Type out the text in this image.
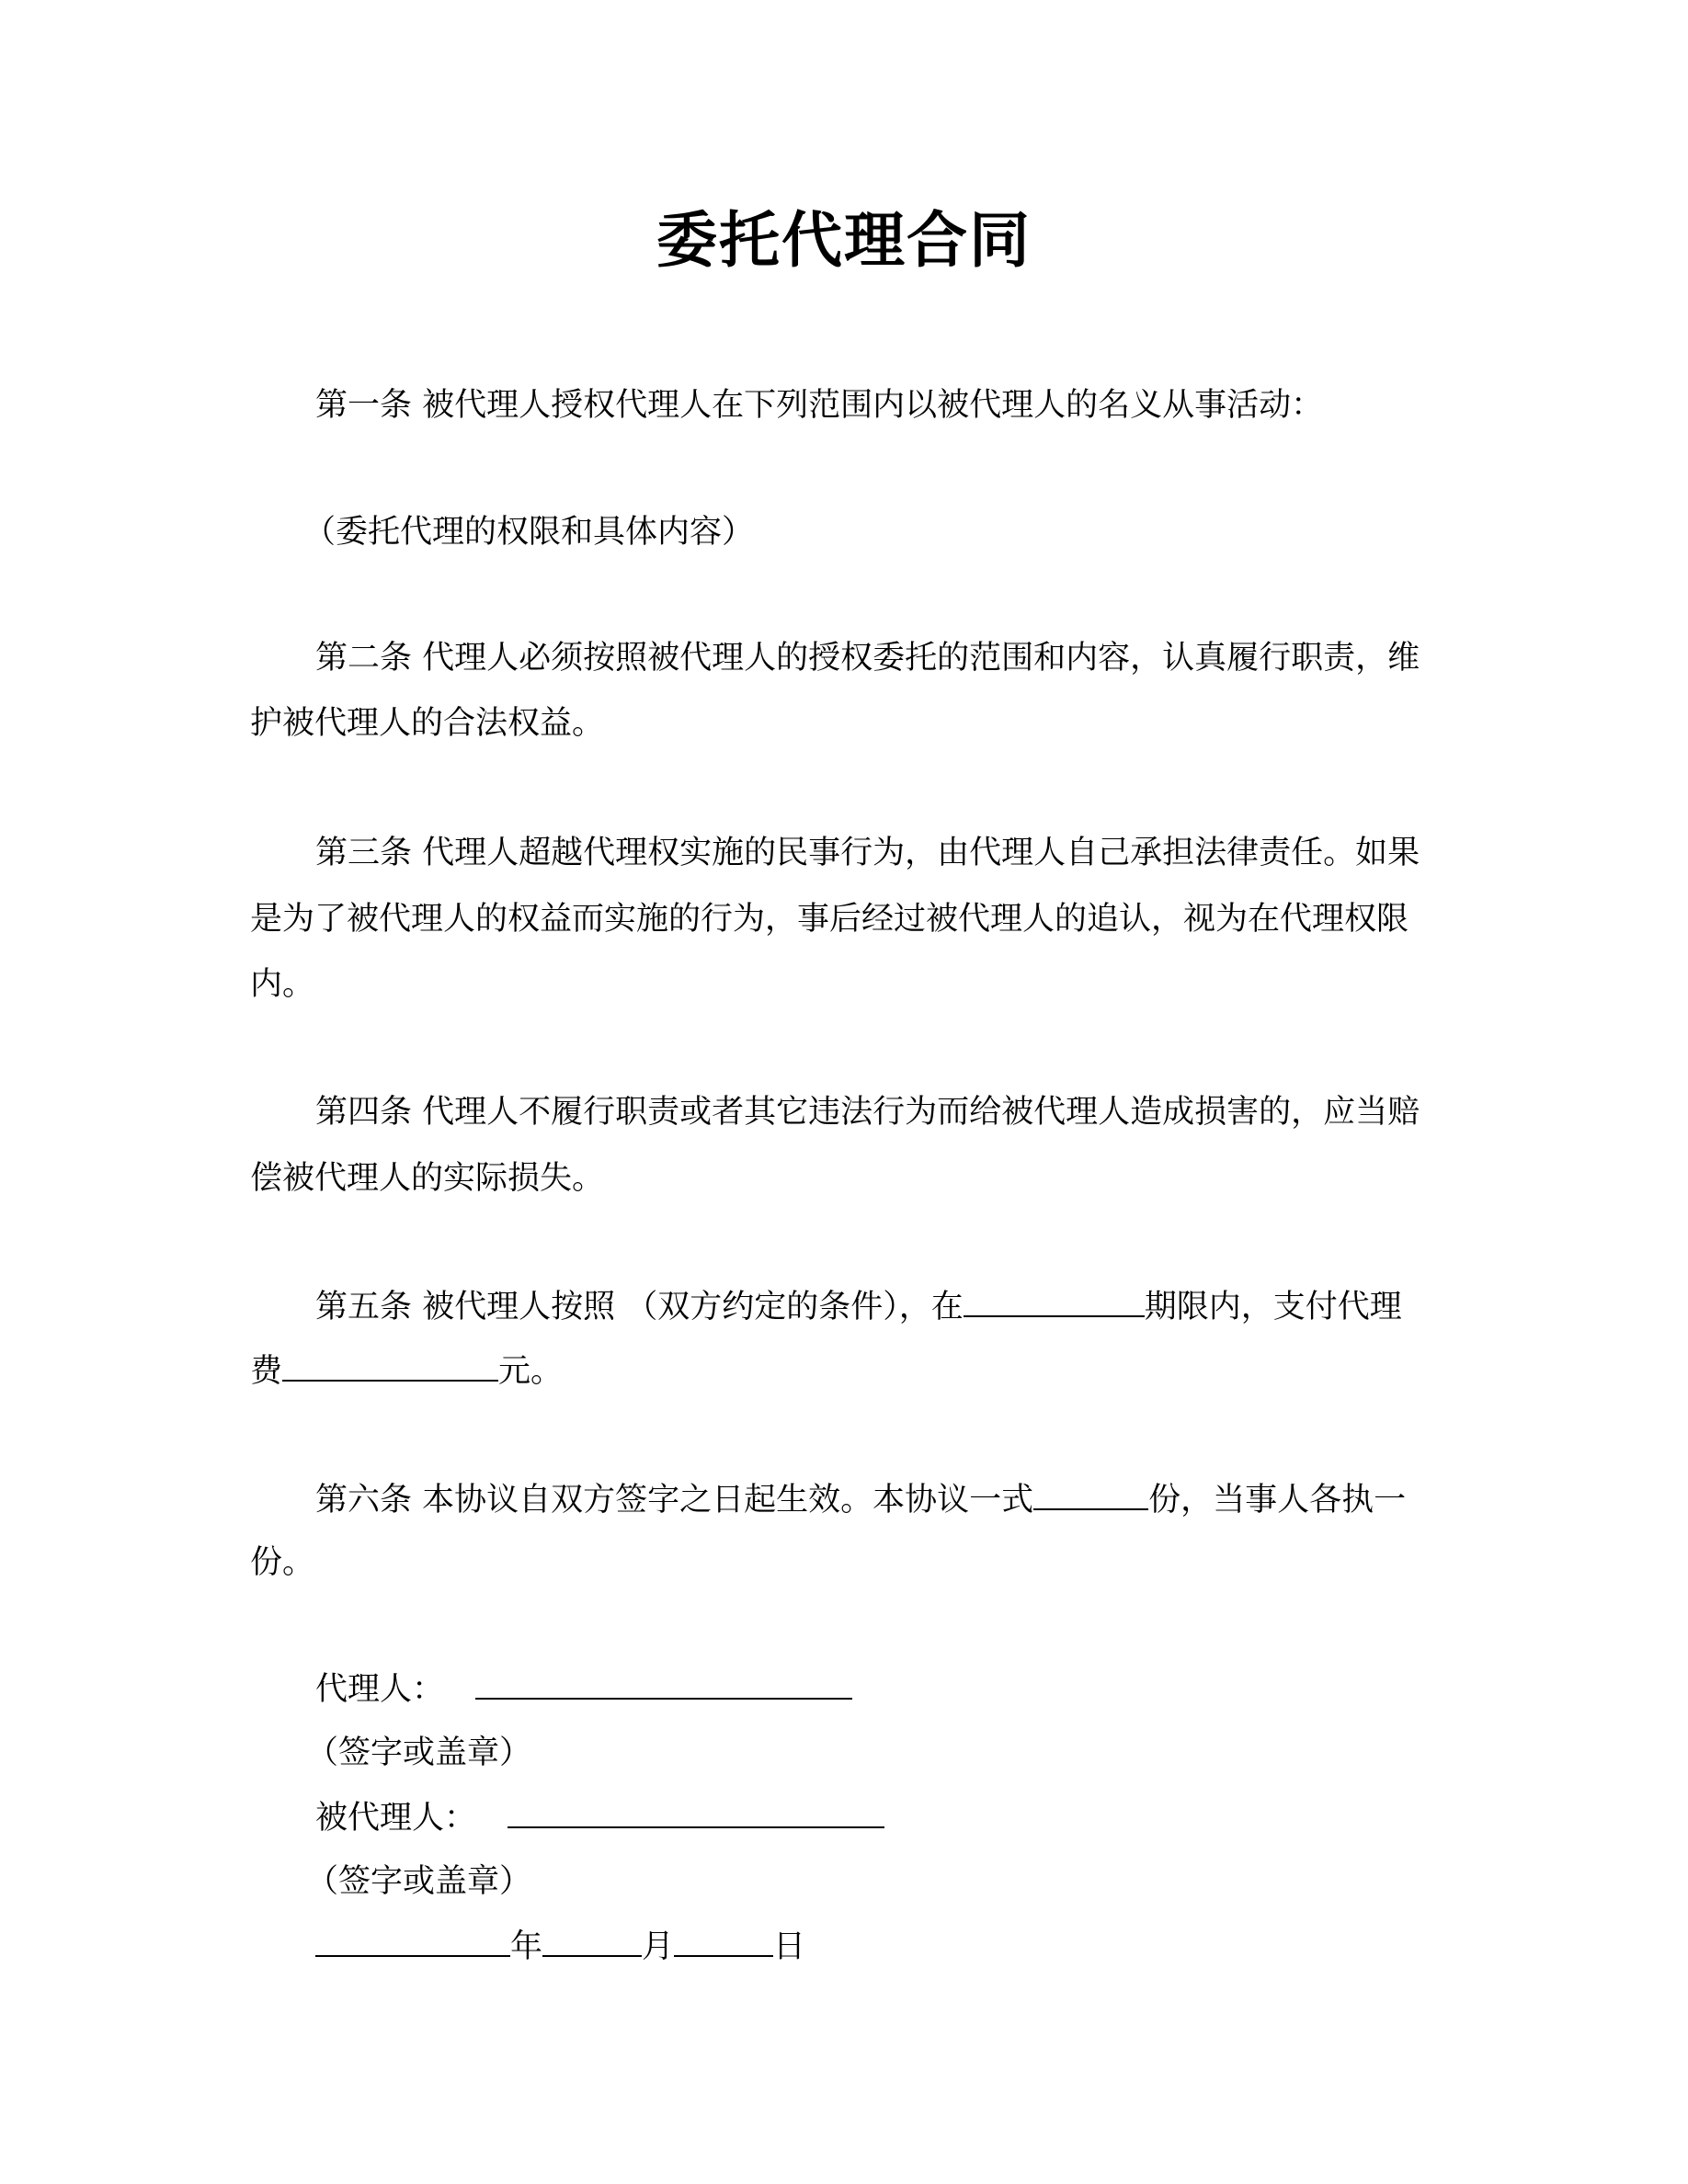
委托代理合同
第一条 被代理人授权代理人在下列范围内以被代理人的名义从事活动：
（委托代理的权限和具体内容）
第二条 代理人必须按照被代理人的授权委托的范围和内容，认真履行职责，维
护被代理人的合法权益。
第三条 代理人超越代理权实施的民事行为，由代理人自己承担法律责任。如果
是为了被代理人的权益而实施的行为，事后经过被代理人的追认，视为在代理权限
内。
第四条 代理人不履行职责或者其它违法行为而给被代理人造成损害的，应当赔
偿被代理人的实际损失。
第五条 被代理人按照 （双方约定的条件），在	期限内，支付代理
费	元。
第六条 本协议自双方签字之日起生效。本协议一式	份，当事人各执一
份。
代理人：
（签字或盖章）
被代理人：
（签字或盖章）
年	月	日
